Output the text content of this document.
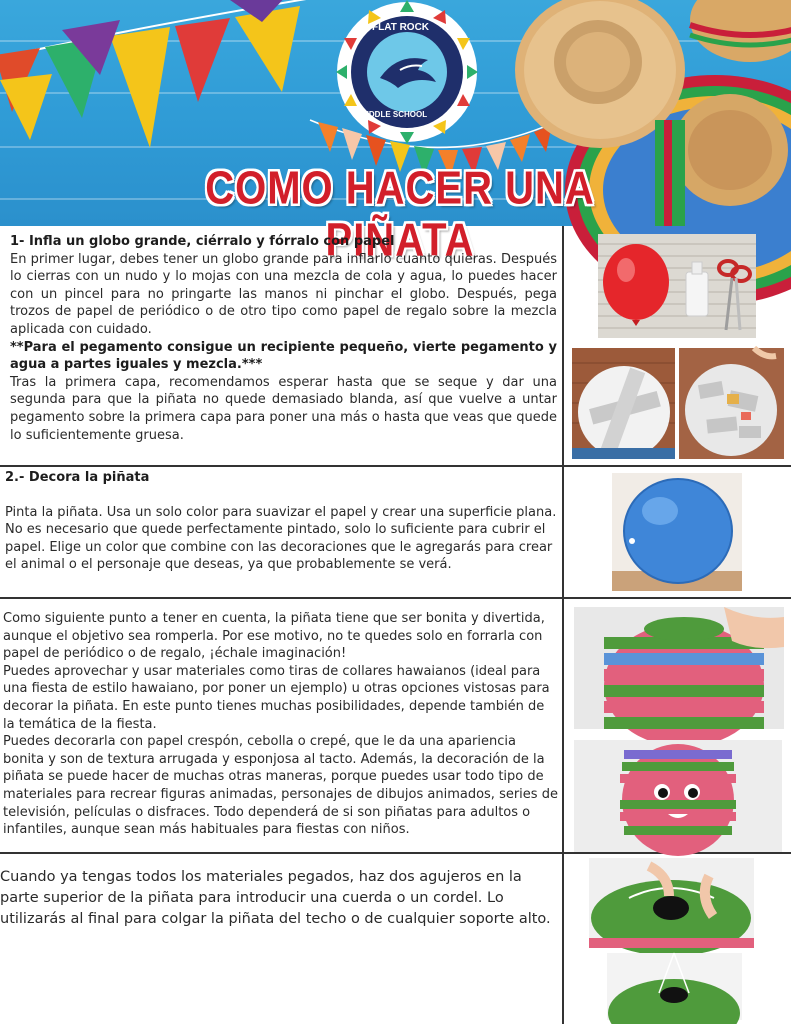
FLAT ROCK
MIDDLE SCHOOL
COMO HACER UNA PIÑATA

1- Infla un globo grande, ciérralo y fórralo con papel

En primer lugar, debes tener un globo grande para inflarlo cuanto quieras. Después lo cierras con un nudo y lo mojas con una mezcla de cola y agua, lo puedes hacer con un pincel para no pringarte las manos ni pinchar el globo. Después, pega trozos de papel de periódico o de otro tipo como papel de regalo sobre la mezcla aplicada con cuidado.

**Para el pegamento consigue un recipiente pequeño, vierte pegamento y agua a partes iguales y mezcla.***

Tras la primera capa, recomendamos esperar hasta que se seque y dar una segunda para que la piñata no quede demasiado blanda, así que vuelve a untar pegamento sobre la primera capa para poner una más o hasta que veas que quede lo suficientemente gruesa.

2.- Decora la piñata

Pinta la piñata. Usa un solo color para suavizar el papel y crear una superficie plana. No es necesario que quede perfectamente pintado, solo lo suficiente para cubrir el papel. Elige un color que combine con las decoraciones que le agregarás para crear el animal o el personaje que deseas, ya que probablemente se verá.

Como siguiente punto a tener en cuenta, la piñata tiene que ser bonita y divertida, aunque el objetivo sea romperla. Por ese motivo, no te quedes solo en forrarla con papel de periódico o de regalo, ¡échale imaginación!

Puedes aprovechar y usar materiales como tiras de collares hawaianos (ideal para una fiesta de estilo hawaiano, por poner un ejemplo) u otras opciones vistosas para decorar la piñata. En este punto tienes muchas posibilidades, depende también de la temática de la fiesta.

Puedes decorarla con papel crespón, cebolla o crepé, que le da una apariencia bonita y son de textura arrugada y esponjosa al tacto. Además, la decoración de la piñata se puede hacer de muchas otras maneras, porque puedes usar todo tipo de materiales para recrear figuras animadas, personajes de dibujos animados, series de televisión, películas o disfraces. Todo dependerá de si son piñatas para adultos o infantiles, aunque sean más habituales para fiestas con niños.

Cuando ya tengas todos los materiales pegados, haz dos agujeros en la parte superior de la piñata para introducir una cuerda o un cordel. Lo utilizarás al final para colgar la piñata del techo o de cualquier soporte alto.
